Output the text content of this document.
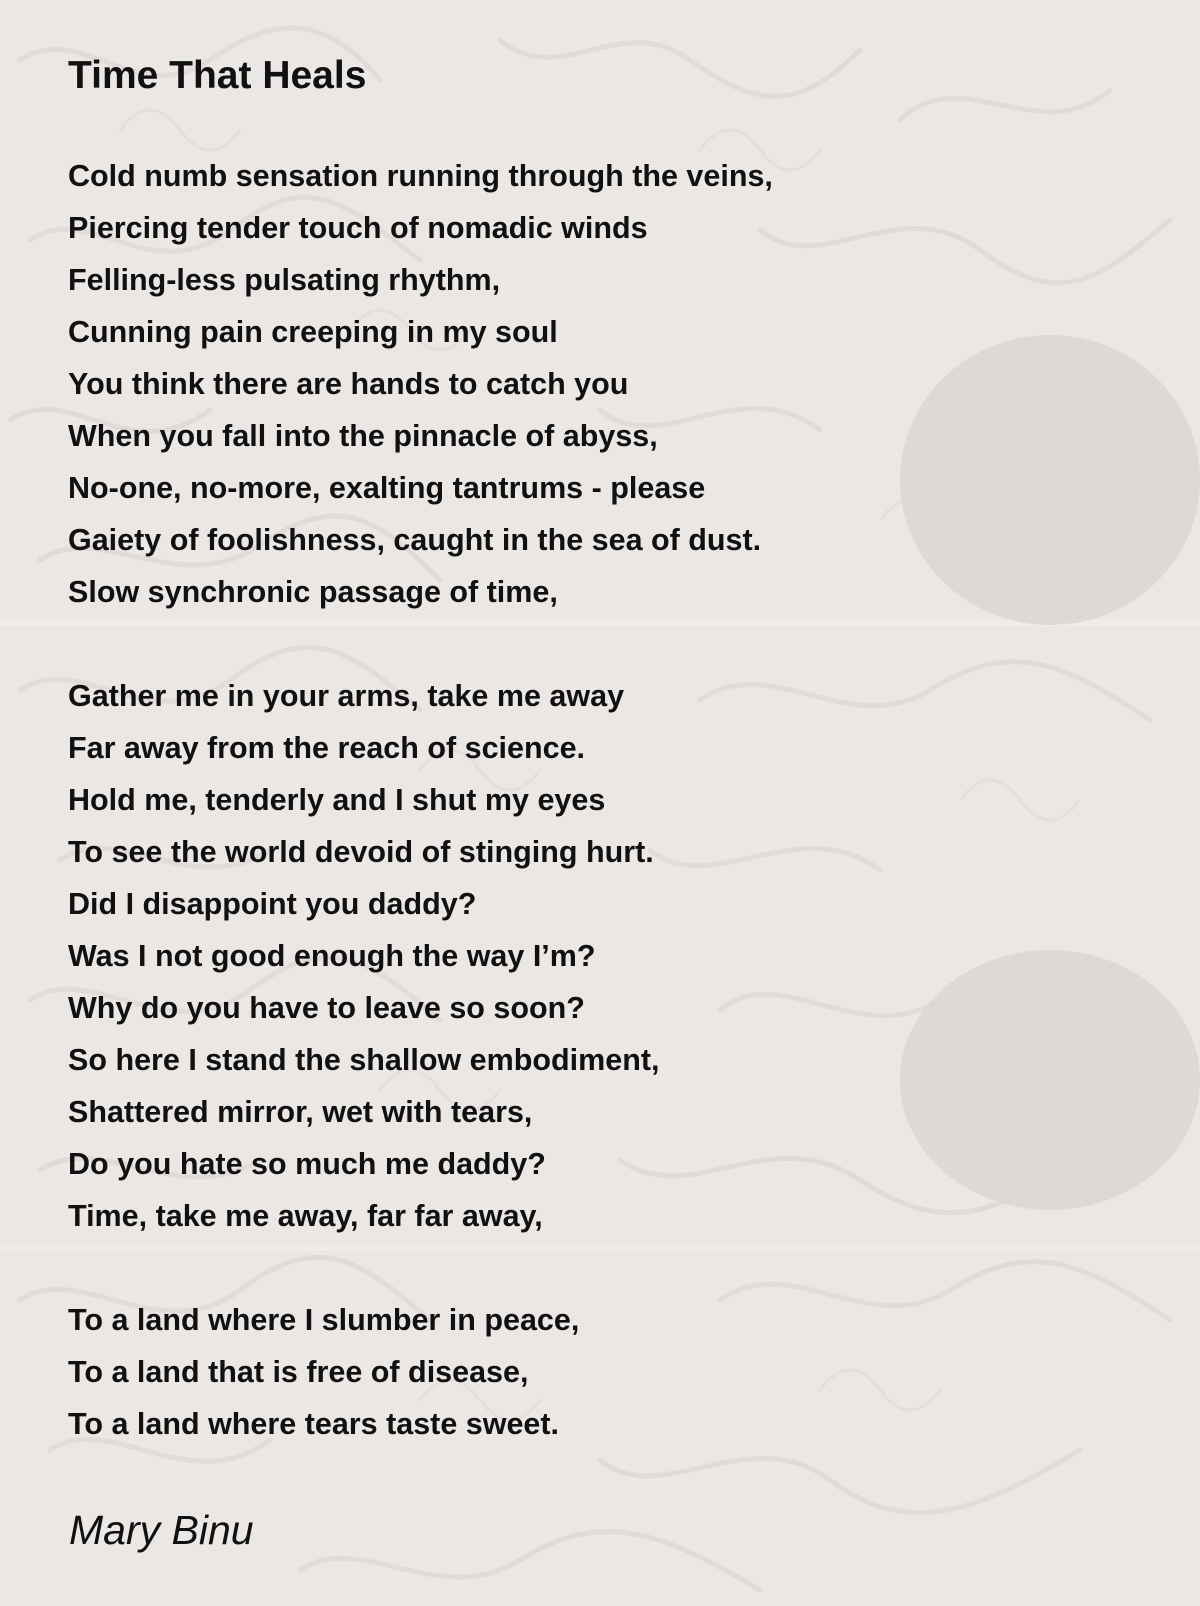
Time That Heals
Cold numb sensation running through the veins,
Piercing tender touch of nomadic winds
Felling-less pulsating rhythm,
Cunning pain creeping in my soul
You think there are hands to catch you
When you fall into the pinnacle of abyss,
No-one, no-more, exalting tantrums - please
Gaiety of foolishness, caught in the sea of dust.
Slow synchronic passage of time,
Gather me in your arms, take me away
Far away from the reach of science.
Hold me, tenderly and I shut my eyes
To see the world devoid of stinging hurt.
Did I disappoint you daddy?
Was I not good enough the way I’m?
Why do you have to leave so soon?
So here I stand the shallow embodiment,
Shattered mirror, wet with tears,
Do you hate so much me daddy?
Time, take me away, far far away,
To a land where I slumber in peace,
To a land that is free of disease,
To a land where tears taste sweet.
Mary Binu
